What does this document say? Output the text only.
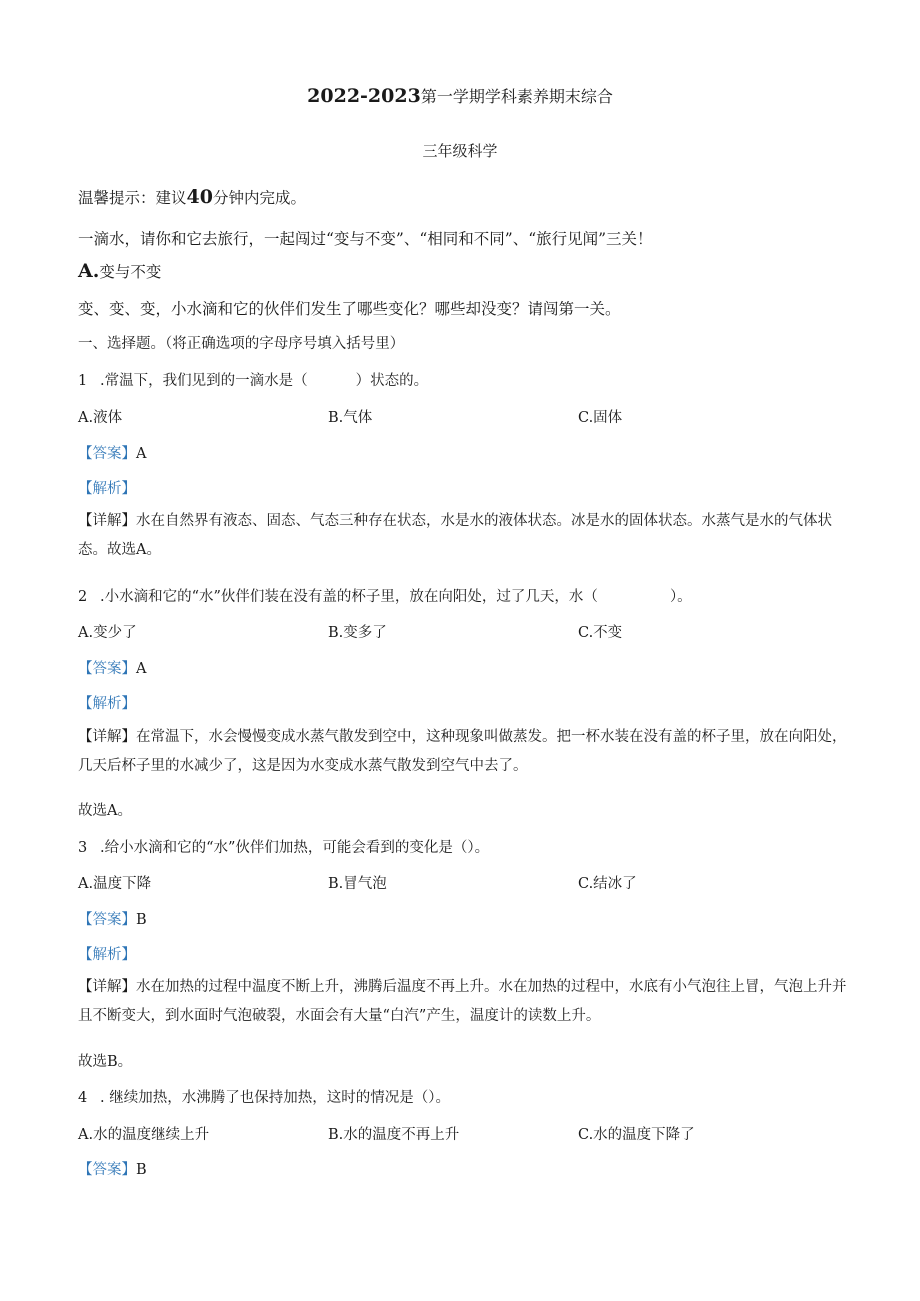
2022-2023第一学期学科素养期末综合
三年级科学
温馨提示：建议40分钟内完成。
一滴水，请你和它去旅行，一起闯过“变与不变”、“相同和不同”、“旅行见闻”三关！
A.变与不变
变、变、变，小水滴和它的伙伴们发生了哪些变化？哪些却没变？请闯第一关。
一、选择题。（将正确选项的字母序号填入括号里）
1 .常温下，我们见到的一滴水是（	）状态的。
A.液体	B.气体	C.固体
【答案】A
【解析】
【详解】水在自然界有液态、固态、气态三种存在状态，水是水的液体状态。冰是水的固体状态。水蒸气是水的气体状态。故选A。
2 .小水滴和它的“水”伙伴们装在没有盖的杯子里，放在向阳处，过了几天，水（	）。
A.变少了	B.变多了	C.不变
【答案】A
【解析】
【详解】在常温下，水会慢慢变成水蒸气散发到空中，这种现象叫做蒸发。把一杯水装在没有盖的杯子里，放在向阳处，几天后杯子里的水减少了，这是因为水变成水蒸气散发到空气中去了。
故选A。
3 .给小水滴和它的“水”伙伴们加热，可能会看到的变化是（）。
A.温度下降	B.冒气泡	C.结冰了
【答案】B
【解析】
【详解】水在加热的过程中温度不断上升，沸腾后温度不再上升。水在加热的过程中，水底有小气泡往上冒，气泡上升并且不断变大，到水面时气泡破裂，水面会有大量“白汽”产生，温度计的读数上升。
故选B。
4 . 继续加热，水沸腾了也保持加热，这时的情况是（）。
A.水的温度继续上升	B.水的温度不再上升	C.水的温度下降了
【答案】B
